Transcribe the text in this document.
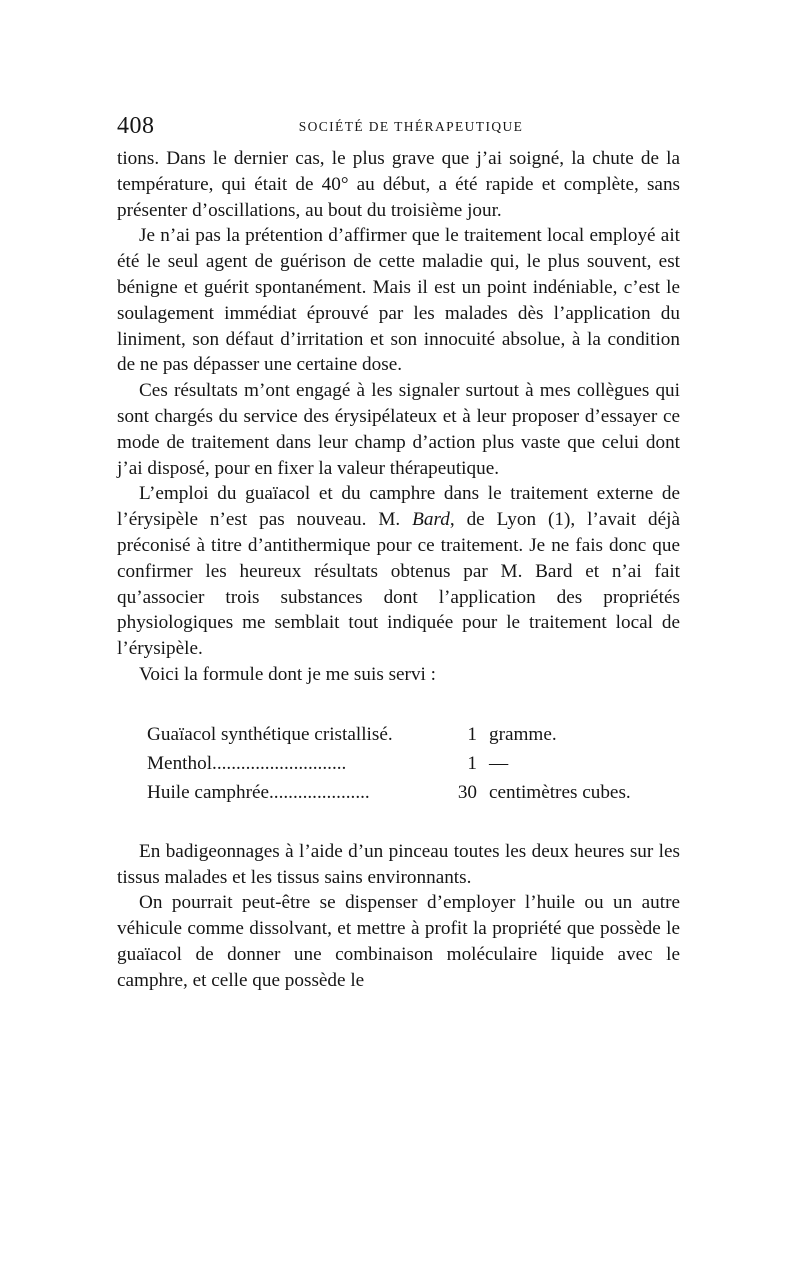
408	SOCIÉTÉ DE THÉRAPEUTIQUE

tions. Dans le dernier cas, le plus grave que j’ai soigné, la chute de la température, qui était de 40° au début, a été rapide et complète, sans présenter d’oscillations, au bout du troisième jour.

Je n’ai pas la prétention d’affirmer que le traitement local employé ait été le seul agent de guérison de cette maladie qui, le plus souvent, est bénigne et guérit spontanément. Mais il est un point indéniable, c’est le soulagement immédiat éprouvé par les malades dès l’application du liniment, son défaut d’irritation et son innocuité absolue, à la condition de ne pas dépasser une certaine dose.

Ces résultats m’ont engagé à les signaler surtout à mes collègues qui sont chargés du service des érysipélateux et à leur proposer d’essayer ce mode de traitement dans leur champ d’action plus vaste que celui dont j’ai disposé, pour en fixer la valeur thérapeutique.

L’emploi du guaïacol et du camphre dans le traitement externe de l’érysipèle n’est pas nouveau. M. Bard, de Lyon (1), l’avait déjà préconisé à titre d’antithermique pour ce traitement. Je ne fais donc que confirmer les heureux résultats obtenus par M. Bard et n’ai fait qu’associer trois substances dont l’application des propriétés physiologiques me semblait tout indiquée pour le traitement local de l’érysipèle.

Voici la formule dont je me suis servi :

Guaïacol synthétique cristallisé.	1 gramme.
Menthol............................	1 —
Huile camphrée.....................	30 centimètres cubes.

En badigeonnages à l’aide d’un pinceau toutes les deux heures sur les tissus malades et les tissus sains environnants.

On pourrait peut-être se dispenser d’employer l’huile ou un autre véhicule comme dissolvant, et mettre à profit la propriété que possède le guaïacol de donner une combinaison moléculaire liquide avec le camphre, et celle que possède le
